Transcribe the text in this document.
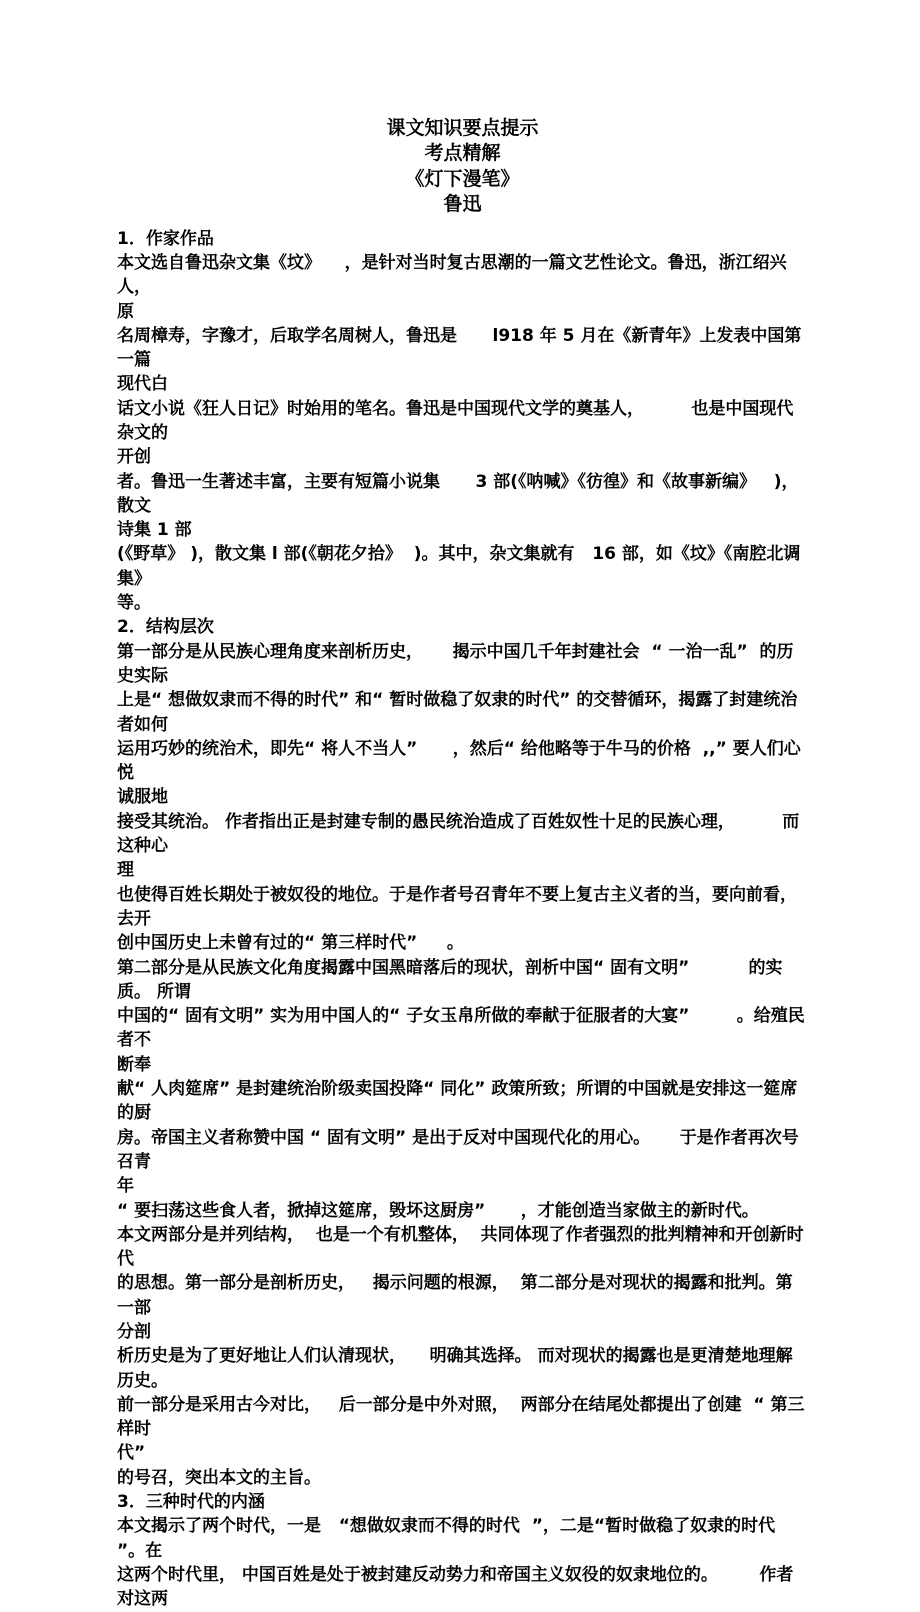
课文知识要点提示

考点精解

《灯下漫笔》

鲁迅

1．作家作品

本文选自鲁迅杂文集《坟》    ，是针对当时复古思潮的一篇文艺性论文。鲁迅，浙江绍兴人，

原

名周樟寿，字豫才，后取学名周树人，鲁迅是      l918 年 5 月在《新青年》上发表中国第一篇

现代白

话文小说《狂人日记》时始用的笔名。鲁迅是中国现代文学的奠基人，        也是中国现代杂文的

开创

者。鲁迅一生著述丰富，主要有短篇小说集      3 部(《呐喊》《彷徨》和《故事新编》   )，散文

诗集 1 部

(《野草》 )，散文集 l 部(《朝花夕拾》  )。其中，杂文集就有   16 部，如《坟》《南腔北调集》

等。

2．结构层次

第一部分是从民族心理角度来剖析历史，     揭示中国几千年封建社会  “ 一治一乱”  的历史实际

上是“ 想做奴隶而不得的时代” 和“ 暂时做稳了奴隶的时代” 的交替循环，揭露了封建统治

者如何

运用巧妙的统治术，即先“ 将人不当人”      ，然后“ 给他略等于牛马的价格  ,,” 要人们心悦

诚服地

接受其统治。 作者指出正是封建专制的愚民统治造成了百姓奴性十足的民族心理，        而这种心

理

也使得百姓长期处于被奴役的地位。于是作者号召青年不要上复古主义者的当，要向前看，

去开

创中国历史上未曾有过的“ 第三样时代”     。

第二部分是从民族文化角度揭露中国黑暗落后的现状，剖析中国“ 固有文明”          的实质。 所谓

中国的“ 固有文明” 实为用中国人的“ 子女玉帛所做的奉献于征服者的大宴”        。给殖民者不

断奉

献“ 人肉筵席” 是封建统治阶级卖国投降“ 同化” 政策所致；所谓的中国就是安排这一筵席

的厨

房。帝国主义者称赞中国 “ 固有文明” 是出于反对中国现代化的用心。     于是作者再次号召青

年

“ 要扫荡这些食人者，掀掉这筵席，毁坏这厨房”      ，才能创造当家做主的新时代。

本文两部分是并列结构，  也是一个有机整体，  共同体现了作者强烈的批判精神和开创新时代

的思想。第一部分是剖析历史，   揭示问题的根源，  第二部分是对现状的揭露和批判。第一部

分剖

析历史是为了更好地让人们认清现状，    明确其选择。 而对现状的揭露也是更清楚地理解历史。

前一部分是采用古今对比，   后一部分是中外对照，  两部分在结尾处都提出了创建  “ 第三样时

代”

的号召，突出本文的主旨。

3．三种时代的内涵

本文揭示了两个时代，一是   “想做奴隶而不得的时代  ”，二是“暂时做稳了奴隶的时代  ”。在

这两个时代里， 中国百姓是处于被封建反动势力和帝国主义奴役的奴隶地位的。       作者对这两
